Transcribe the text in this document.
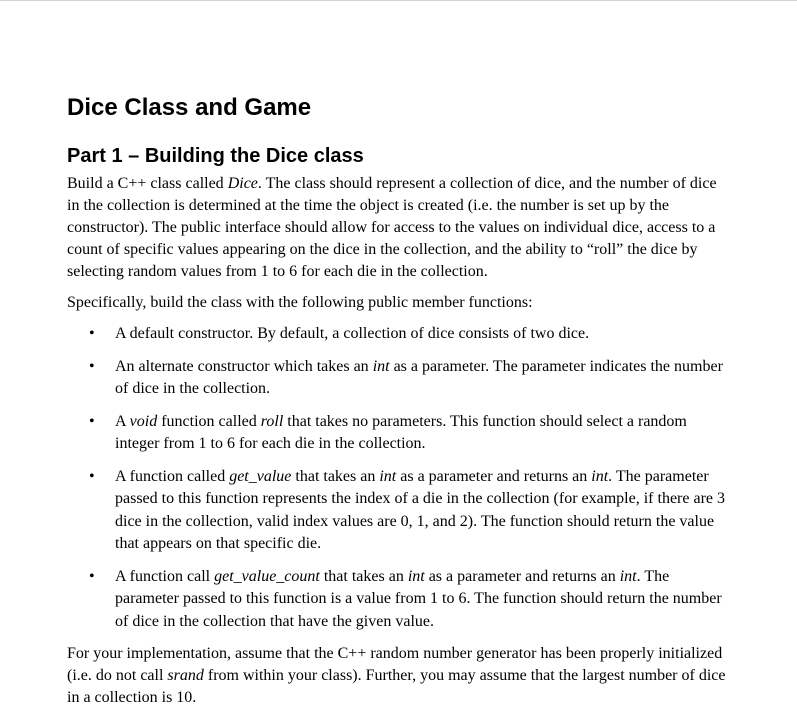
Dice Class and Game
Part 1 – Building the Dice class

Build a C++ class called Dice. The class should represent a collection of dice, and the number of dice in the collection is determined at the time the object is created (i.e. the number is set up by the constructor). The public interface should allow for access to the values on individual dice, access to a count of specific values appearing on the dice in the collection, and the ability to “roll” the dice by selecting random values from 1 to 6 for each die in the collection.

Specifically, build the class with the following public member functions:

• A default constructor. By default, a collection of dice consists of two dice.
• An alternate constructor which takes an int as a parameter. The parameter indicates the number of dice in the collection.
• A void function called roll that takes no parameters. This function should select a random integer from 1 to 6 for each die in the collection.
• A function called get_value that takes an int as a parameter and returns an int. The parameter passed to this function represents the index of a die in the collection (for example, if there are 3 dice in the collection, valid index values are 0, 1, and 2). The function should return the value that appears on that specific die.
• A function call get_value_count that takes an int as a parameter and returns an int. The parameter passed to this function is a value from 1 to 6. The function should return the number of dice in the collection that have the given value.

For your implementation, assume that the C++ random number generator has been properly initialized (i.e. do not call srand from within your class). Further, you may assume that the largest number of dice in a collection is 10.
